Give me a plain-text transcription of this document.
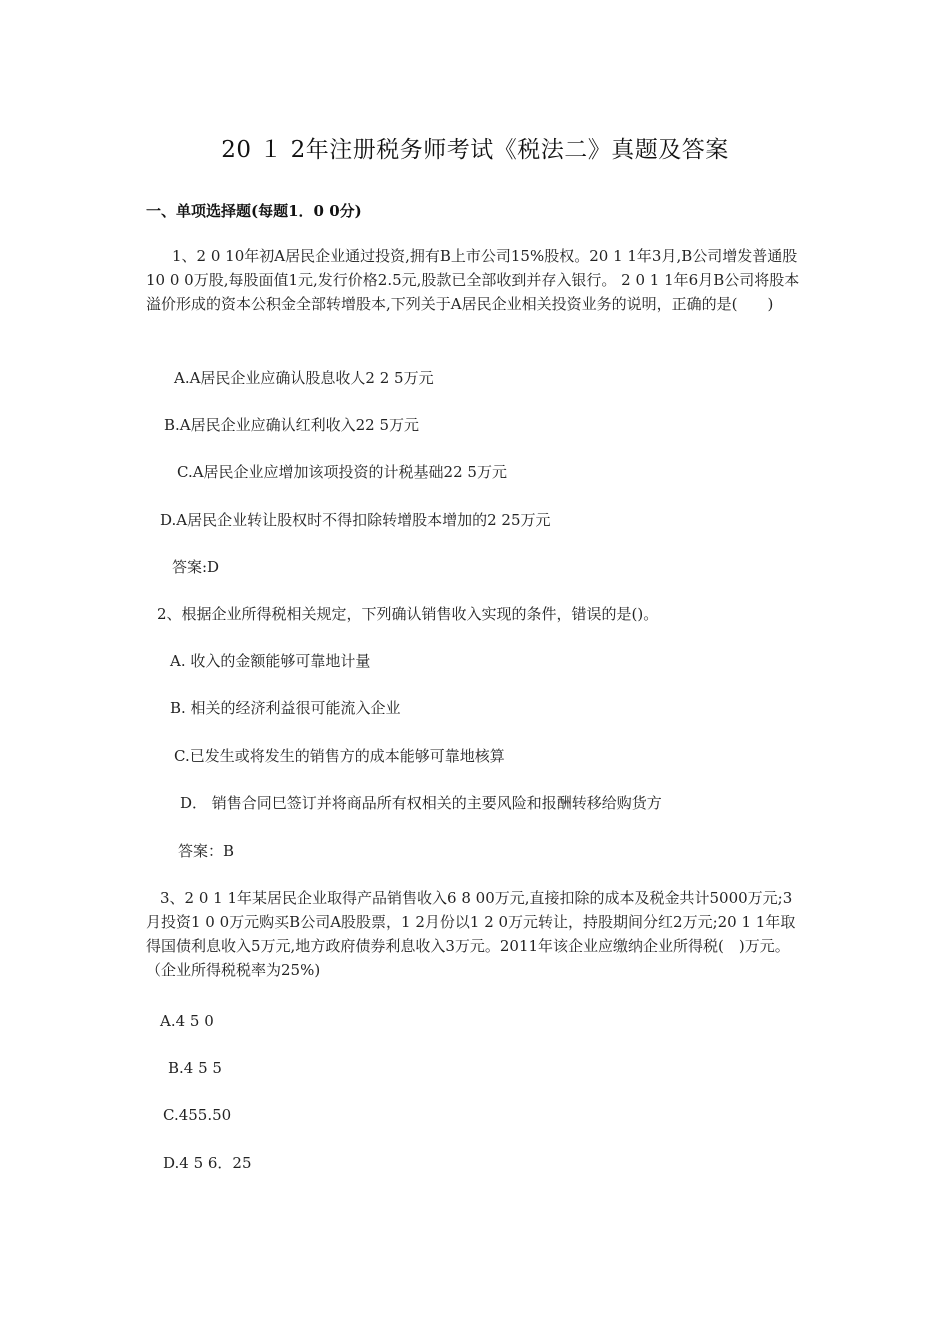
20 １ 2年注册税务师考试《税法二》真题及答案
一、单项选择题(每题1．0 0分)
1、2 0 10年初A居民企业通过投资,拥有B上市公司15%股权。20 1 1年3月,B公司增发普通股10 0 0万股,每股面值1元,发行价格2.5元,股款已全部收到并存入银行。 2 0 1 1年6月B公司将股本溢价形成的资本公积金全部转增股本,下列关于A居民企业相关投资业务的说明，正确的是(　　)
A.A居民企业应确认股息收人2 2 5万元
B.A居民企业应确认红利收入22 5万元
C.A居民企业应增加该项投资的计税基础22 5万元
D.A居民企业转让股权时不得扣除转增股本增加的2 25万元
答案:D
2、根据企业所得税相关规定，下列确认销售收入实现的条件，错误的是()。
A. 收入的金额能够可靠地计量
B. 相关的经济利益很可能流入企业
C.已发生或将发生的销售方的成本能够可靠地核算
D． 销售合同巳签订并将商品所有权相关的主要风险和报酬转移给购货方
答案：B
3、2 0 1 1年某居民企业取得产品销售收入6 8 00万元,直接扣除的成本及税金共计5000万元;3月投资1 0 0万元购买B公司A股股票，1 2月份以1 2 0万元转让，持股期间分红2万元;20 1 1年取得国债利息收入5万元,地方政府债券利息收入3万元。2011年该企业应缴纳企业所得税(　)万元。（企业所得税税率为25%)
A.4 5 0
B.4 5 5
C.455.50
D.4 5 6．25
